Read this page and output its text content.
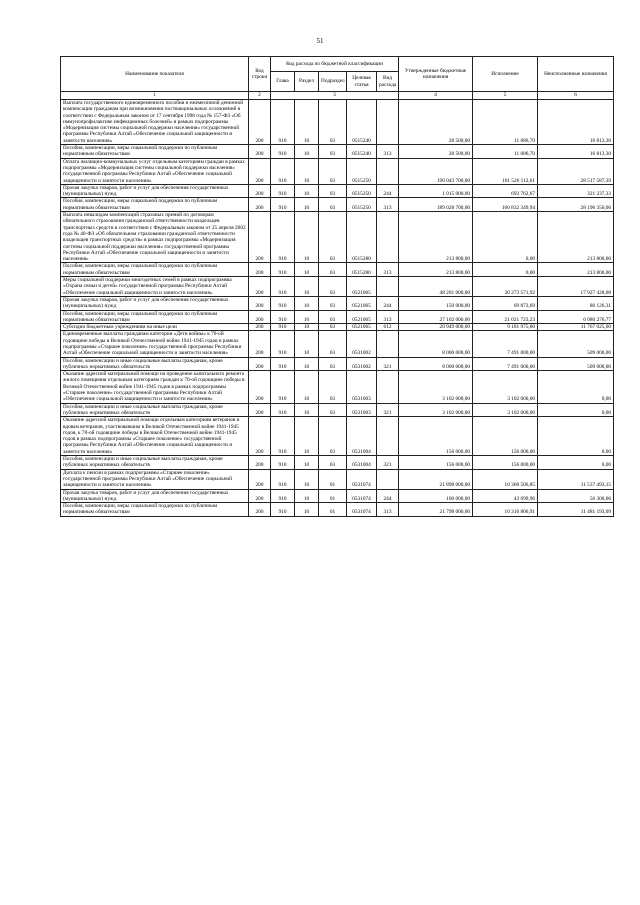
51
Наименование показателя	Код строки	Код расхода по бюджетной классификации					Утвержденные бюджетные назначения	Исполнение	Неисполненные назначения
		Глава	Раздел	Подраздел	Целевая статья	Вид расхода			
1	2	3					4	5	6
Выплата государственного единовременного пособия и ежемесячной денежной компенсации гражданам при возникновении поствакцинальных осложнений в соответствии с Федеральным законом от 17 сентября 1998 года № 157-ФЗ «Об иммунопрофилактике инфекционных болезней» в рамках подпрограммы «Модернизация системы социальной поддержки населения» государственной программы Республики Алтай «Обеспечение социальной защищенности и занятости населения»	200	910	10	03	0515240		28 500,00	11 686,70	16 813,30
Пособия, компенсации, меры социальной поддержки по публичным нормативным обязательствам	200	910	10	03	0515240	313	28 500,00	11 686,70	16 813,30
Оплата жилищно-коммунальных услуг отдельным категориям граждан в рамках подпрограммы «Модернизация системы социальной поддержки населения» государственной программы Республики Алтай «Обеспечение социальной защищенности и занятости населения»	200	910	10	03	0515250		190 043 700,00	161 526 112,61	28 517 587,39
Прочая закупка товаров, работ и услуг для обеспечения государственных (муниципальных) нужд	200	910	10	03	0515250	244	1 015 000,00	693 762,67	321 237,33
Пособия, компенсации, меры социальной поддержки по публичным нормативным обязательствам	200	910	10	03	0515250	313	189 028 700,00	160 832 349,94	28 196 350,06
Выплата инвалидам компенсаций страховых премий по договорам обязательного страхования гражданской ответственности владельцев транспортных средств в соответствии с Федеральным законом от 25 апреля 2002 года № 40-ФЗ «Об обязательном страховании гражданской ответственности владельцев транспортных средств» в рамках подпрограммы «Модернизация системы социальной поддержки населения» государственной программы Республики Алтай «Обеспечение социальной защищенности и занятости населения»	200	910	10	03	0515280		213 800,00	0,00	213 800,00
Пособия, компенсации, меры социальной поддержки по публичным нормативным обязательствам	200	910	10	03	0515280	313	213 800,00	0,00	213 800,00
Меры социальной поддержки многодетных семей в рамках подпрограммы «Охрана семьи и детей» государственной программы Республики Алтай «Обеспечение социальной защищенности и занятости населения»	200	910	10	03	0521065		48 201 000,00	30 273 571,92	17 927 428,08
Прочая закупка товаров, работ и услуг для обеспечения государственных (муниципальных) нужд	200	910	10	03	0521065	244	150 000,00	69 873,69	80 126,31
Пособия, компенсации, меры социальной поддержки по публичным нормативным обязательствам	200	910	10	03	0521065	313	27 102 000,00	21 021 723,23	6 080 276,77
Субсидии бюджетным учреждениям на иные цели	200	910	10	03	0521065	612	20 949 000,00	9 181 975,00	11 767 025,00
Единовременные выплаты гражданам категории «Дети войны» к 70-ой годовщине победы в Великой Отечественной войне 1941-1945 годов в рамках подпрограммы «Старшее поколение» государственной программы Республики Алтай «Обеспечение социальной защищенности и занятости населения»	200	910	10	03	0531002		8 000 000,00	7 491 000,00	509 000,00
Пособия, компенсации и иные социальные выплаты гражданам, кроме публичных нормативных обязательств	200	910	10	03	0531002	321	8 000 000,00	7 491 000,00	509 000,00
Оказание адресной материальной помощи на проведение капитального ремонта жилого помещения отдельным категориям граждан к 70-ой годовщине победы в Великой Отечественной войне 1941-1945 годов в рамках подпрограммы «Старшее поколение» государственной программы Республики Алтай «Обеспечение социальной защищенности и занятости населения»	200	910	10	03	0531003		3 102 000,00	3 102 000,00	0,00
Пособия, компенсации и иные социальные выплаты гражданам, кроме публичных нормативных обязательств	200	910	10	03	0531003	321	3 102 000,00	3 102 000,00	0,00
Оказание адресной материальной помощи отдельным категориям ветеранов и вдовам ветеранов, участвовавшим в Великой Отечественной войне 1941-1945 годов, к 70-ой годовщине победы в Великой Отечественной войне 1941-1945 годов в рамках подпрограммы «Старшее поколение» государственной программы Республики Алтай «Обеспечение социальной защищенности и занятости населения»	200	910	10	03	0531004		156 000,00	156 000,00	0,00
Пособия, компенсации и иные социальные выплаты гражданам, кроме публичных нормативных обязательств	200	910	10	03	0531004	321	156 000,00	156 000,00	0,00
Доплата к пенсии в рамках подпрограммы «Старшее поколение» государственной программы Республики Алтай «Обеспечение социальной защищенности и занятости населения»	200	910	10	01	0531074		21 898 000,00	10 360 506,85	11 537 493,15
Прочая закупка товаров, работ и услуг для обеспечения государственных (муниципальных) нужд	200	910	10	01	0531074	244	100 000,00	43 699,96	56 300,06
Пособия, компенсации, меры социальной поддержки по публичным нормативным обязательствам	200	910	10	01	0531074	313	21 798 000,00	10 316 806,91	11 481 193,09
